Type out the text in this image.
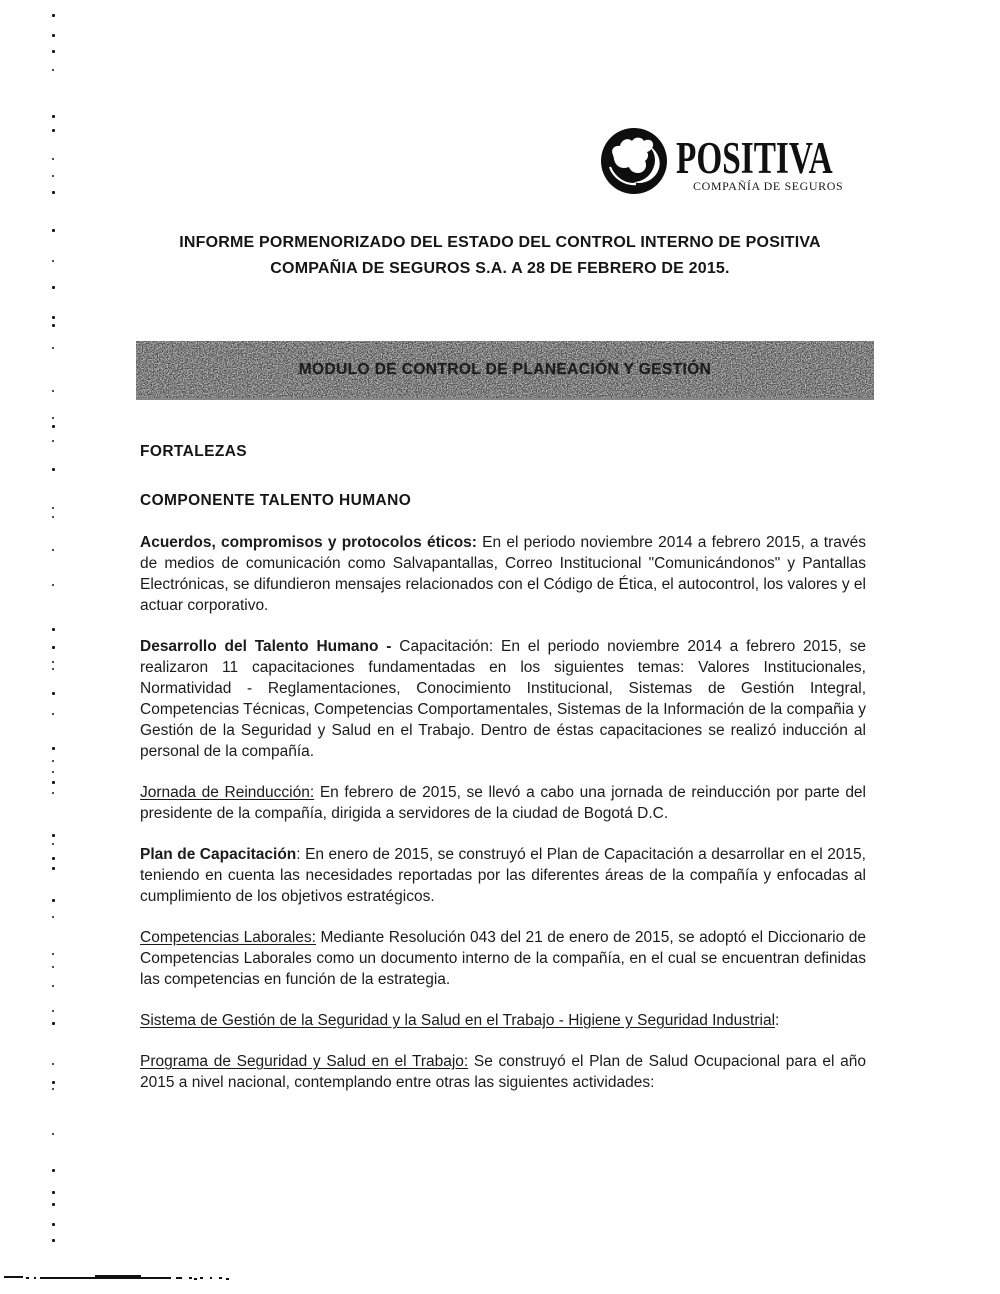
POSITIVA
COMPAÑÍA DE SEGUROS
INFORME PORMENORIZADO DEL ESTADO DEL CONTROL INTERNO DE POSITIVA
COMPAÑIA DE SEGUROS S.A. A 28 DE FEBRERO DE 2015.
MODULO DE CONTROL DE PLANEACIÓN Y GESTIÓN
FORTALEZAS
COMPONENTE TALENTO HUMANO

Acuerdos, compromisos y protocolos éticos: En el periodo noviembre 2014 a febrero 2015, a través de medios de comunicación como Salvapantallas, Correo Institucional "Comunicándonos" y Pantallas Electrónicas, se difundieron mensajes relacionados con el Código de Ética, el autocontrol, los valores y el actuar corporativo.

Desarrollo del Talento Humano - Capacitación: En el periodo noviembre 2014 a febrero 2015, se realizaron 11 capacitaciones fundamentadas en los siguientes temas: Valores Institucionales, Normatividad - Reglamentaciones, Conocimiento Institucional, Sistemas de Gestión Integral, Competencias Técnicas, Competencias Comportamentales, Sistemas de la Información de la compañia y Gestión de la Seguridad y Salud en el Trabajo. Dentro de éstas capacitaciones se realizó inducción al personal de la compañía.

Jornada de Reinducción: En febrero de 2015, se llevó a cabo una jornada de reinducción por parte del presidente de la compañía, dirigida a servidores de la ciudad de Bogotá D.C.

Plan de Capacitación: En enero de 2015, se construyó el Plan de Capacitación a desarrollar en el 2015, teniendo en cuenta las necesidades reportadas por las diferentes áreas de la compañía y enfocadas al cumplimiento de los objetivos estratégicos.

Competencias Laborales: Mediante Resolución 043 del 21 de enero de 2015, se adoptó el Diccionario de Competencias Laborales como un documento interno de la compañía, en el cual se encuentran definidas las competencias en función de la estrategia.

Sistema de Gestión de la Seguridad y la Salud en el Trabajo - Higiene y Seguridad Industrial:

Programa de Seguridad y Salud en el Trabajo: Se construyó el Plan de Salud Ocupacional para el año 2015 a nivel nacional, contemplando entre otras las siguientes actividades:
